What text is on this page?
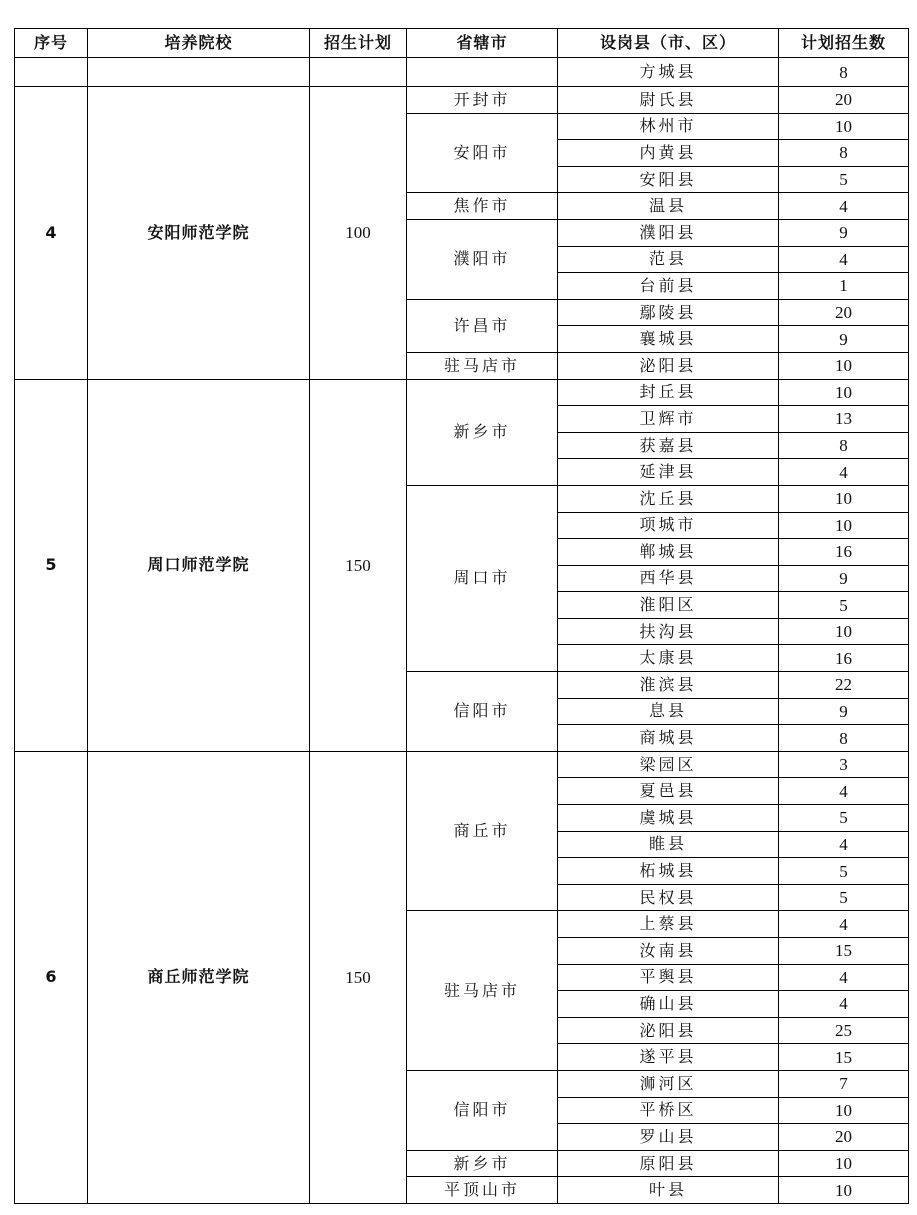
序号	培养院校	招生计划	省辖市	设岗县（市、区）	计划招生数
				方城县	8
4	安阳师范学院	100	开封市	尉氏县	20
			安阳市	林州市	10
				内黄县	8
				安阳县	5
			焦作市	温县	4
			濮阳市	濮阳县	9
				范县	4
				台前县	1
			许昌市	鄢陵县	20
				襄城县	9
			驻马店市	泌阳县	10
5	周口师范学院	150	新乡市	封丘县	10
				卫辉市	13
				获嘉县	8
				延津县	4
			周口市	沈丘县	10
				项城市	10
				郸城县	16
				西华县	9
				淮阳区	5
				扶沟县	10
				太康县	16
			信阳市	淮滨县	22
				息县	9
				商城县	8
6	商丘师范学院	150	商丘市	梁园区	3
				夏邑县	4
				虞城县	5
				睢县	4
				柘城县	5
				民权县	5
			驻马店市	上蔡县	4
				汝南县	15
				平舆县	4
				确山县	4
				泌阳县	25
				遂平县	15
			信阳市	浉河区	7
				平桥区	10
				罗山县	20
			新乡市	原阳县	10
			平顶山市	叶县	10
